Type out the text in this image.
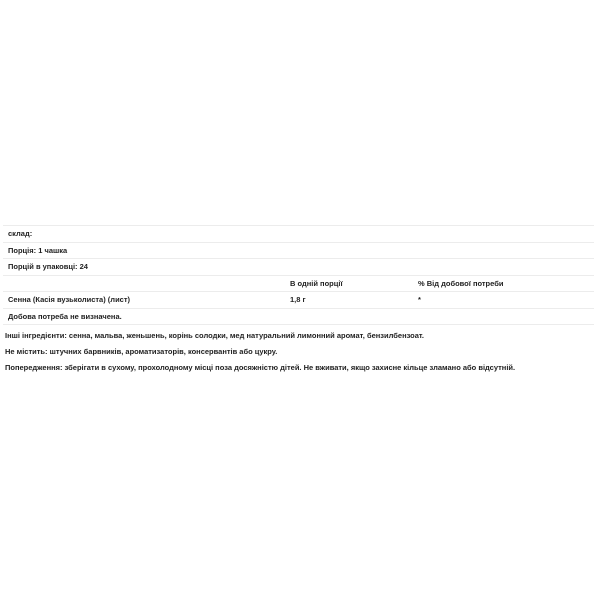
склад:		
Порція: 1 чашка		
Порцій в упаковці: 24		
	В одній порції	% Від добової потреби
Сенна (Касія вузьколиста) (лист)	1,8 г	*
Добова потреба не визначена.		

Інші інгредієнти: сенна, мальва, женьшень, корінь солодки, мед натуральний лимонний аромат, бензилбензоат.

Не містить: штучних барвників, ароматизаторів, консервантів або цукру.

Попередження: зберігати в сухому, прохолодному місці поза досяжністю дітей. Не вживати, якщо захисне кільце зламано або відсутній.
